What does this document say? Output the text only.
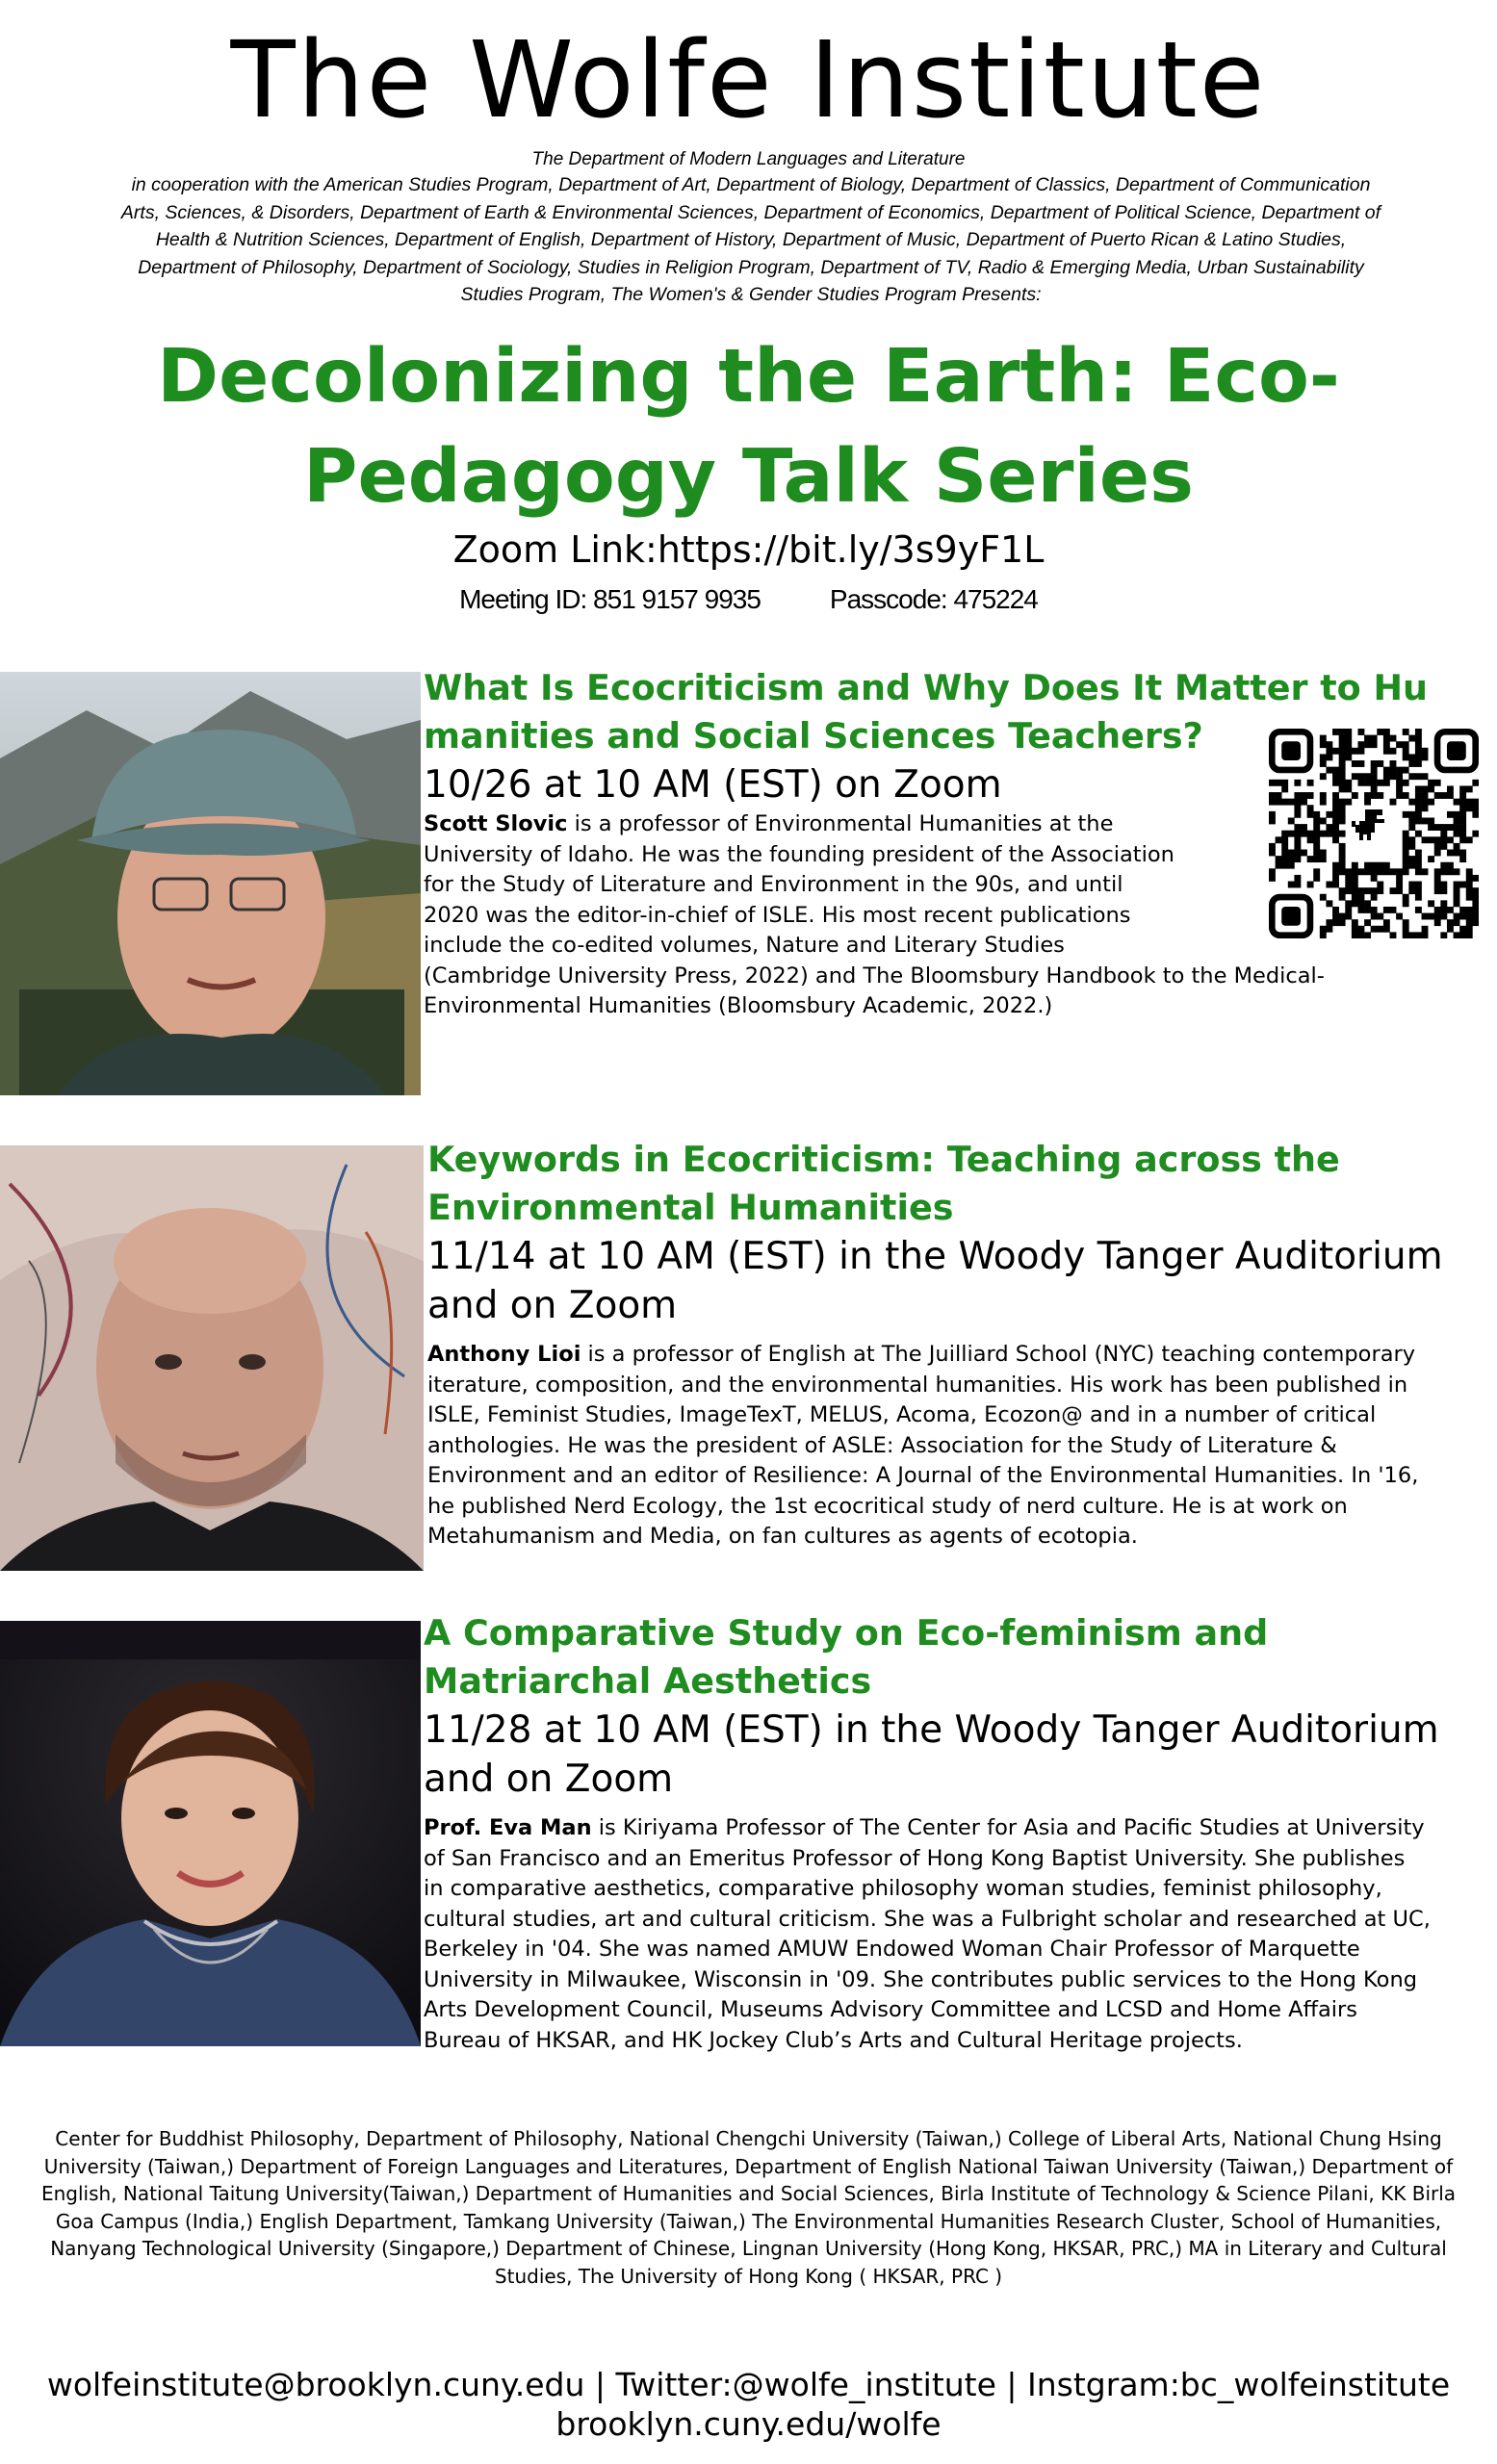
The Wolfe Institute
The Department of Modern Languages and Literature
in cooperation with the American Studies Program, Department of Art, Department of Biology, Department of Classics, Department of Communication
Arts, Sciences, & Disorders, Department of Earth & Environmental Sciences, Department of Economics, Department of Political Science, Department of
Health & Nutrition Sciences, Department of English, Department of History, Department of Music, Department of Puerto Rican & Latino Studies,
Department of Philosophy, Department of Sociology, Studies in Religion Program, Department of TV, Radio & Emerging Media, Urban Sustainability
Studies Program, The Women's & Gender Studies Program Presents:
Decolonizing the Earth: Eco-
Pedagogy Talk Series
Zoom Link:https://bit.ly/3s9yF1L
Meeting ID: 851 9157 9935	Passcode: 475224
What Is Ecocriticism and Why Does It Matter to Hu
manities and Social Sciences Teachers?
10/26 at 10 AM (EST) on Zoom
Scott Slovic is a professor of Environmental Humanities at the
University of Idaho. He was the founding president of the Association
for the Study of Literature and Environment in the 90s, and until
2020 was the editor-in-chief of ISLE. His most recent publications
include the co-edited volumes, Nature and Literary Studies
(Cambridge University Press, 2022) and The Bloomsbury Handbook to the Medical-
Environmental Humanities (Bloomsbury Academic, 2022.)
Keywords in Ecocriticism: Teaching across the
Environmental Humanities
11/14 at 10 AM (EST) in the Woody Tanger Auditorium
and on Zoom
Anthony Lioi is a professor of English at The Juilliard School (NYC) teaching contemporary
iterature, composition, and the environmental humanities. His work has been published in
ISLE, Feminist Studies, ImageTexT, MELUS, Acoma, Ecozon@ and in a number of critical
anthologies. He was the president of ASLE: Association for the Study of Literature &
Environment and an editor of Resilience: A Journal of the Environmental Humanities. In '16,
he published Nerd Ecology, the 1st ecocritical study of nerd culture. He is at work on
Metahumanism and Media, on fan cultures as agents of ecotopia.
A Comparative Study on Eco-feminism and
Matriarchal Aesthetics
11/28 at 10 AM (EST) in the Woody Tanger Auditorium
and on Zoom
Prof. Eva Man is Kiriyama Professor of The Center for Asia and Pacific Studies at University
of San Francisco and an Emeritus Professor of Hong Kong Baptist University. She publishes
in comparative aesthetics, comparative philosophy woman studies, feminist philosophy,
cultural studies, art and cultural criticism. She was a Fulbright scholar and researched at UC,
Berkeley in '04. She was named AMUW Endowed Woman Chair Professor of Marquette
University in Milwaukee, Wisconsin in '09. She contributes public services to the Hong Kong
Arts Development Council, Museums Advisory Committee and LCSD and Home Affairs
Bureau of HKSAR, and HK Jockey Club’s Arts and Cultural Heritage projects.
Center for Buddhist Philosophy, Department of Philosophy, National Chengchi University (Taiwan,) College of Liberal Arts, National Chung Hsing
University (Taiwan,) Department of Foreign Languages and Literatures, Department of English National Taiwan University (Taiwan,) Department of
English, National Taitung University(Taiwan,) Department of Humanities and Social Sciences, Birla Institute of Technology & Science Pilani, KK Birla
Goa Campus (India,) English Department, Tamkang University (Taiwan,) The Environmental Humanities Research Cluster, School of Humanities,
Nanyang Technological University (Singapore,) Department of Chinese, Lingnan University (Hong Kong, HKSAR, PRC,) MA in Literary and Cultural
Studies, The University of Hong Kong ( HKSAR, PRC )
wolfeinstitute@brooklyn.cuny.edu | Twitter:@wolfe_institute | Instgram:bc_wolfeinstitute
brooklyn.cuny.edu/wolfe
